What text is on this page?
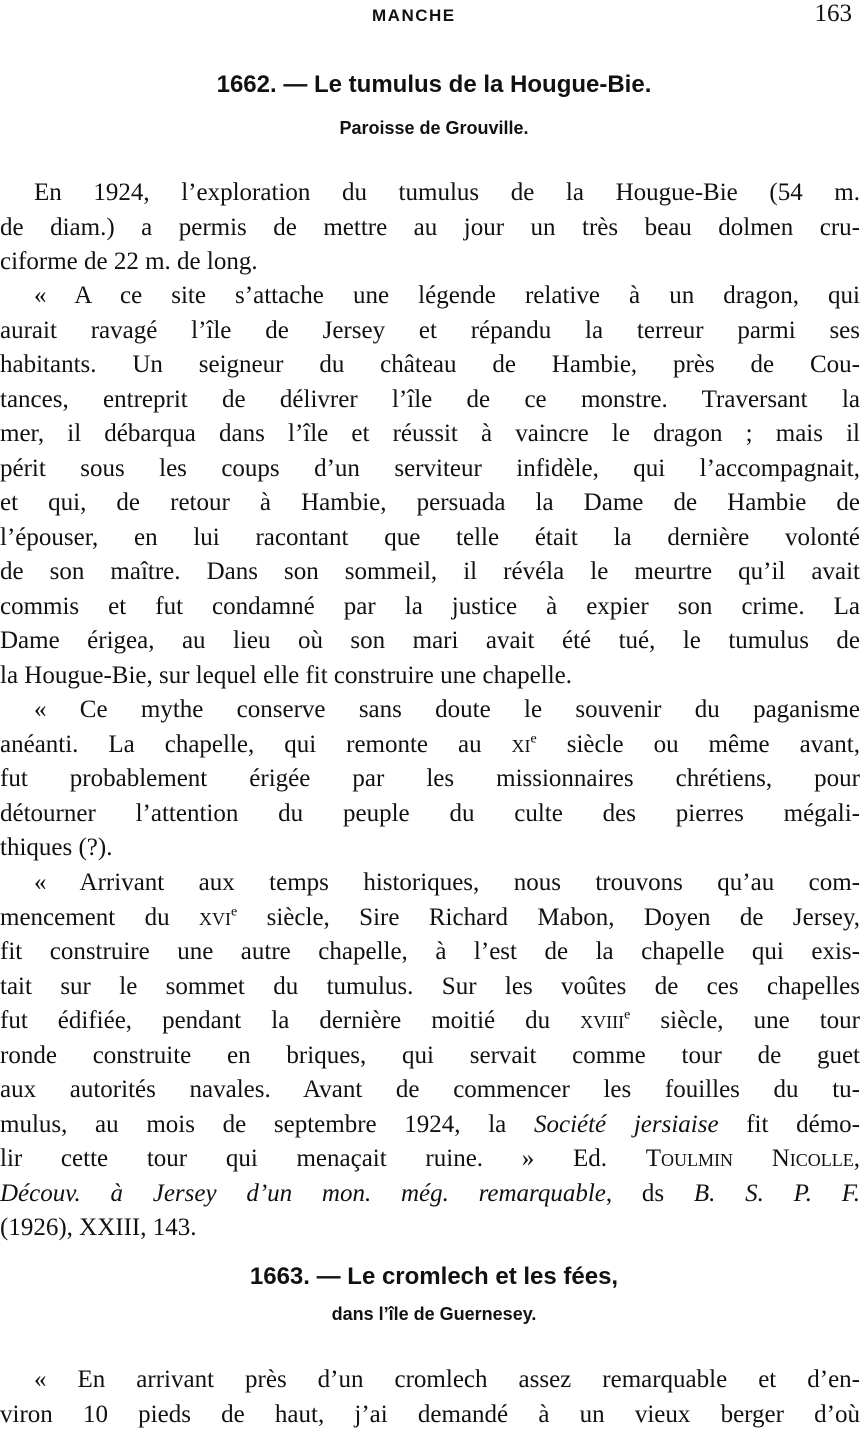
MANCHE	163
1662. — Le tumulus de la Hougue-Bie.
Paroisse de Grouville.
En 1924, l’exploration du tumulus de la Hougue-Bie (54 m.
de diam.) a permis de mettre au jour un très beau dolmen cru-
ciforme de 22 m. de long.
« A ce site s’attache une légende relative à un dragon, qui
aurait ravagé l’île de Jersey et répandu la terreur parmi ses
habitants. Un seigneur du château de Hambie, près de Cou-
tances, entreprit de délivrer l’île de ce monstre. Traversant la
mer, il débarqua dans l’île et réussit à vaincre le dragon ; mais il
périt sous les coups d’un serviteur infidèle, qui l’accompagnait,
et qui, de retour à Hambie, persuada la Dame de Hambie de
l’épouser, en lui racontant que telle était la dernière volonté
de son maître. Dans son sommeil, il révéla le meurtre qu’il avait
commis et fut condamné par la justice à expier son crime. La
Dame érigea, au lieu où son mari avait été tué, le tumulus de
la Hougue-Bie, sur lequel elle fit construire une chapelle.
« Ce mythe conserve sans doute le souvenir du paganisme
anéanti. La chapelle, qui remonte au $xi^e$ siècle ou même avant,
fut probablement érigée par les missionnaires chrétiens, pour
détourner l’attention du peuple du culte des pierres mégali-
thiques (?).
« Arrivant aux temps historiques, nous trouvons qu’au com-
mencement du xvi$^e$ siècle, Sire Richard Mabon, Doyen de Jersey,
fit construire une autre chapelle, à l’est de la chapelle qui exis-
tait sur le sommet du tumulus. Sur les voûtes de ces chapelles
fut édifiée, pendant la dernière moitié du xviii$^e$ siècle, une tour
ronde construite en briques, qui servait comme tour de guet
aux autorités navales. Avant de commencer les fouilles du tu-
mulus, au mois de septembre 1924, la Société jersiaise fit démo-
lir cette tour qui menaçait ruine. » Ed. Toulmin Nicolle,
Découv. à Jersey d’un mon. még. remarquable, ds B. S. P. F.
(1926), XXIII, 143.
1663. — Le cromlech et les fées,
dans l’île de Guernesey.
« En arrivant près d’un cromlech assez remarquable et d’en-
viron 10 pieds de haut, j’ai demandé à un vieux berger d’où
